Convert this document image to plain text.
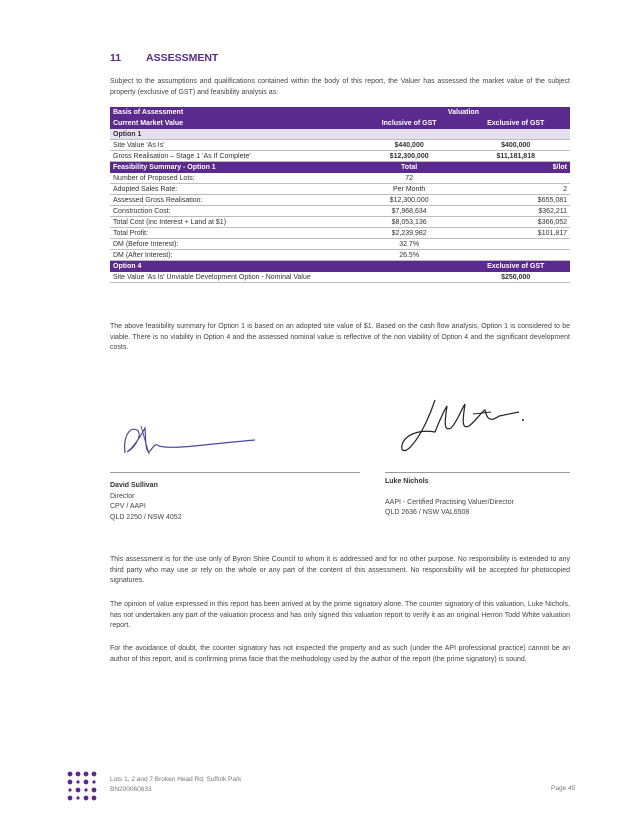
11 ASSESSMENT
Subject to the assumptions and qualifications contained within the body of this report, the Valuer has assessed the market value of the subject property (exclusive of GST) and feasibility analysis as:
Basis of Assessment	Valuation	
Current Market Value	Inclusive of GST	Exclusive of GST
Option 1		
Site Value 'As Is'	$440,000	$400,000
Gross Realisation – Stage 1 'As If Complete'	$12,300,000	$11,181,818
Feasibility Summary - Option 1	Total	$/lot
Number of Proposed Lots:	72	
Adopted Sales Rate:	Per Month	2
Assessed Gross Realisation:	$12,300,000	$655,081
Construction Cost:	$7,968,634	$362,211
Total Cost (inc Interest + Land at $1)	$8,053,136	$366,052
Total Profit:	$2,239,982	$101,817
DM (Before Interest):	32.7%	
DM (After Interest):	26.5%	
Option 4		Exclusive of GST
Site Value 'As Is' Unviable Development Option - Nominal Value		$250,000
The above feasibility summary for Option 1 is based on an adopted site value of $1. Based on the cash flow analysis, Option 1 is considered to be viable. There is no viability in Option 4 and the assessed nominal value is reflective of the non viability of Option 4 and the significant development costs.
David Sullivan
Director
CPV / AAPI
QLD 2250 / NSW 4052
Luke Nichols
AAPI - Certified Practising Valuer/Director
QLD 2636 / NSW VAL6508
This assessment is for the use only of Byron Shire Council to whom it is addressed and for no other purpose. No responsibility is extended to any third party who may use or rely on the whole or any part of the content of this assessment. No responsibility will be accepted for photocopied signatures.
The opinion of value expressed in this report has been arrived at by the prime signatory alone. The counter signatory of this valuation, Luke Nichols, has not undertaken any part of the valuation process and has only signed this valuation report to verify it as an original Herron Todd White valuation report.
For the avoidance of doubt, the counter signatory has not inspected the property and as such (under the API professional practice) cannot be an author of this report, and is confirming prima facie that the methodology used by the author of the report (the prime signatory) is sound.
Lots 1, 2 and 7 Broken Head Rd, Suffolk Park
BN200060633	Page 45
